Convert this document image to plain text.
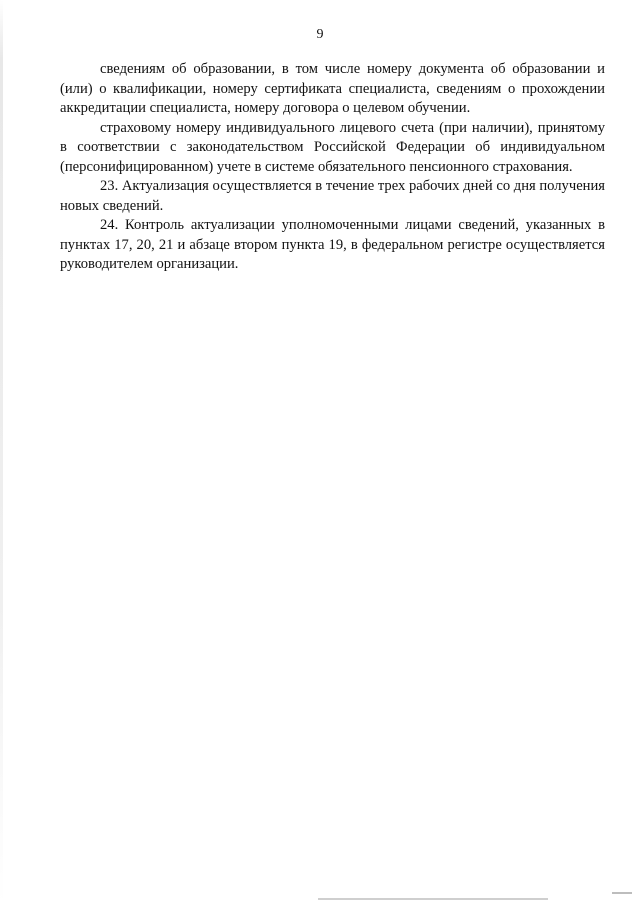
9

сведениям об образовании, в том числе номеру документа об образовании и (или) о квалификации, номеру сертификата специалиста, сведениям о прохождении аккредитации специалиста, номеру договора о целевом обучении.

страховому номеру индивидуального лицевого счета (при наличии), принятому в соответствии с законодательством Российской Федерации об индивидуальном (персонифицированном) учете в системе обязательного пенсионного страхования.

23. Актуализация осуществляется в течение трех рабочих дней со дня получения новых сведений.

24. Контроль актуализации уполномоченными лицами сведений, указанных в пунктах 17, 20, 21 и абзаце втором пункта 19, в федеральном регистре осуществляется руководителем организации.
